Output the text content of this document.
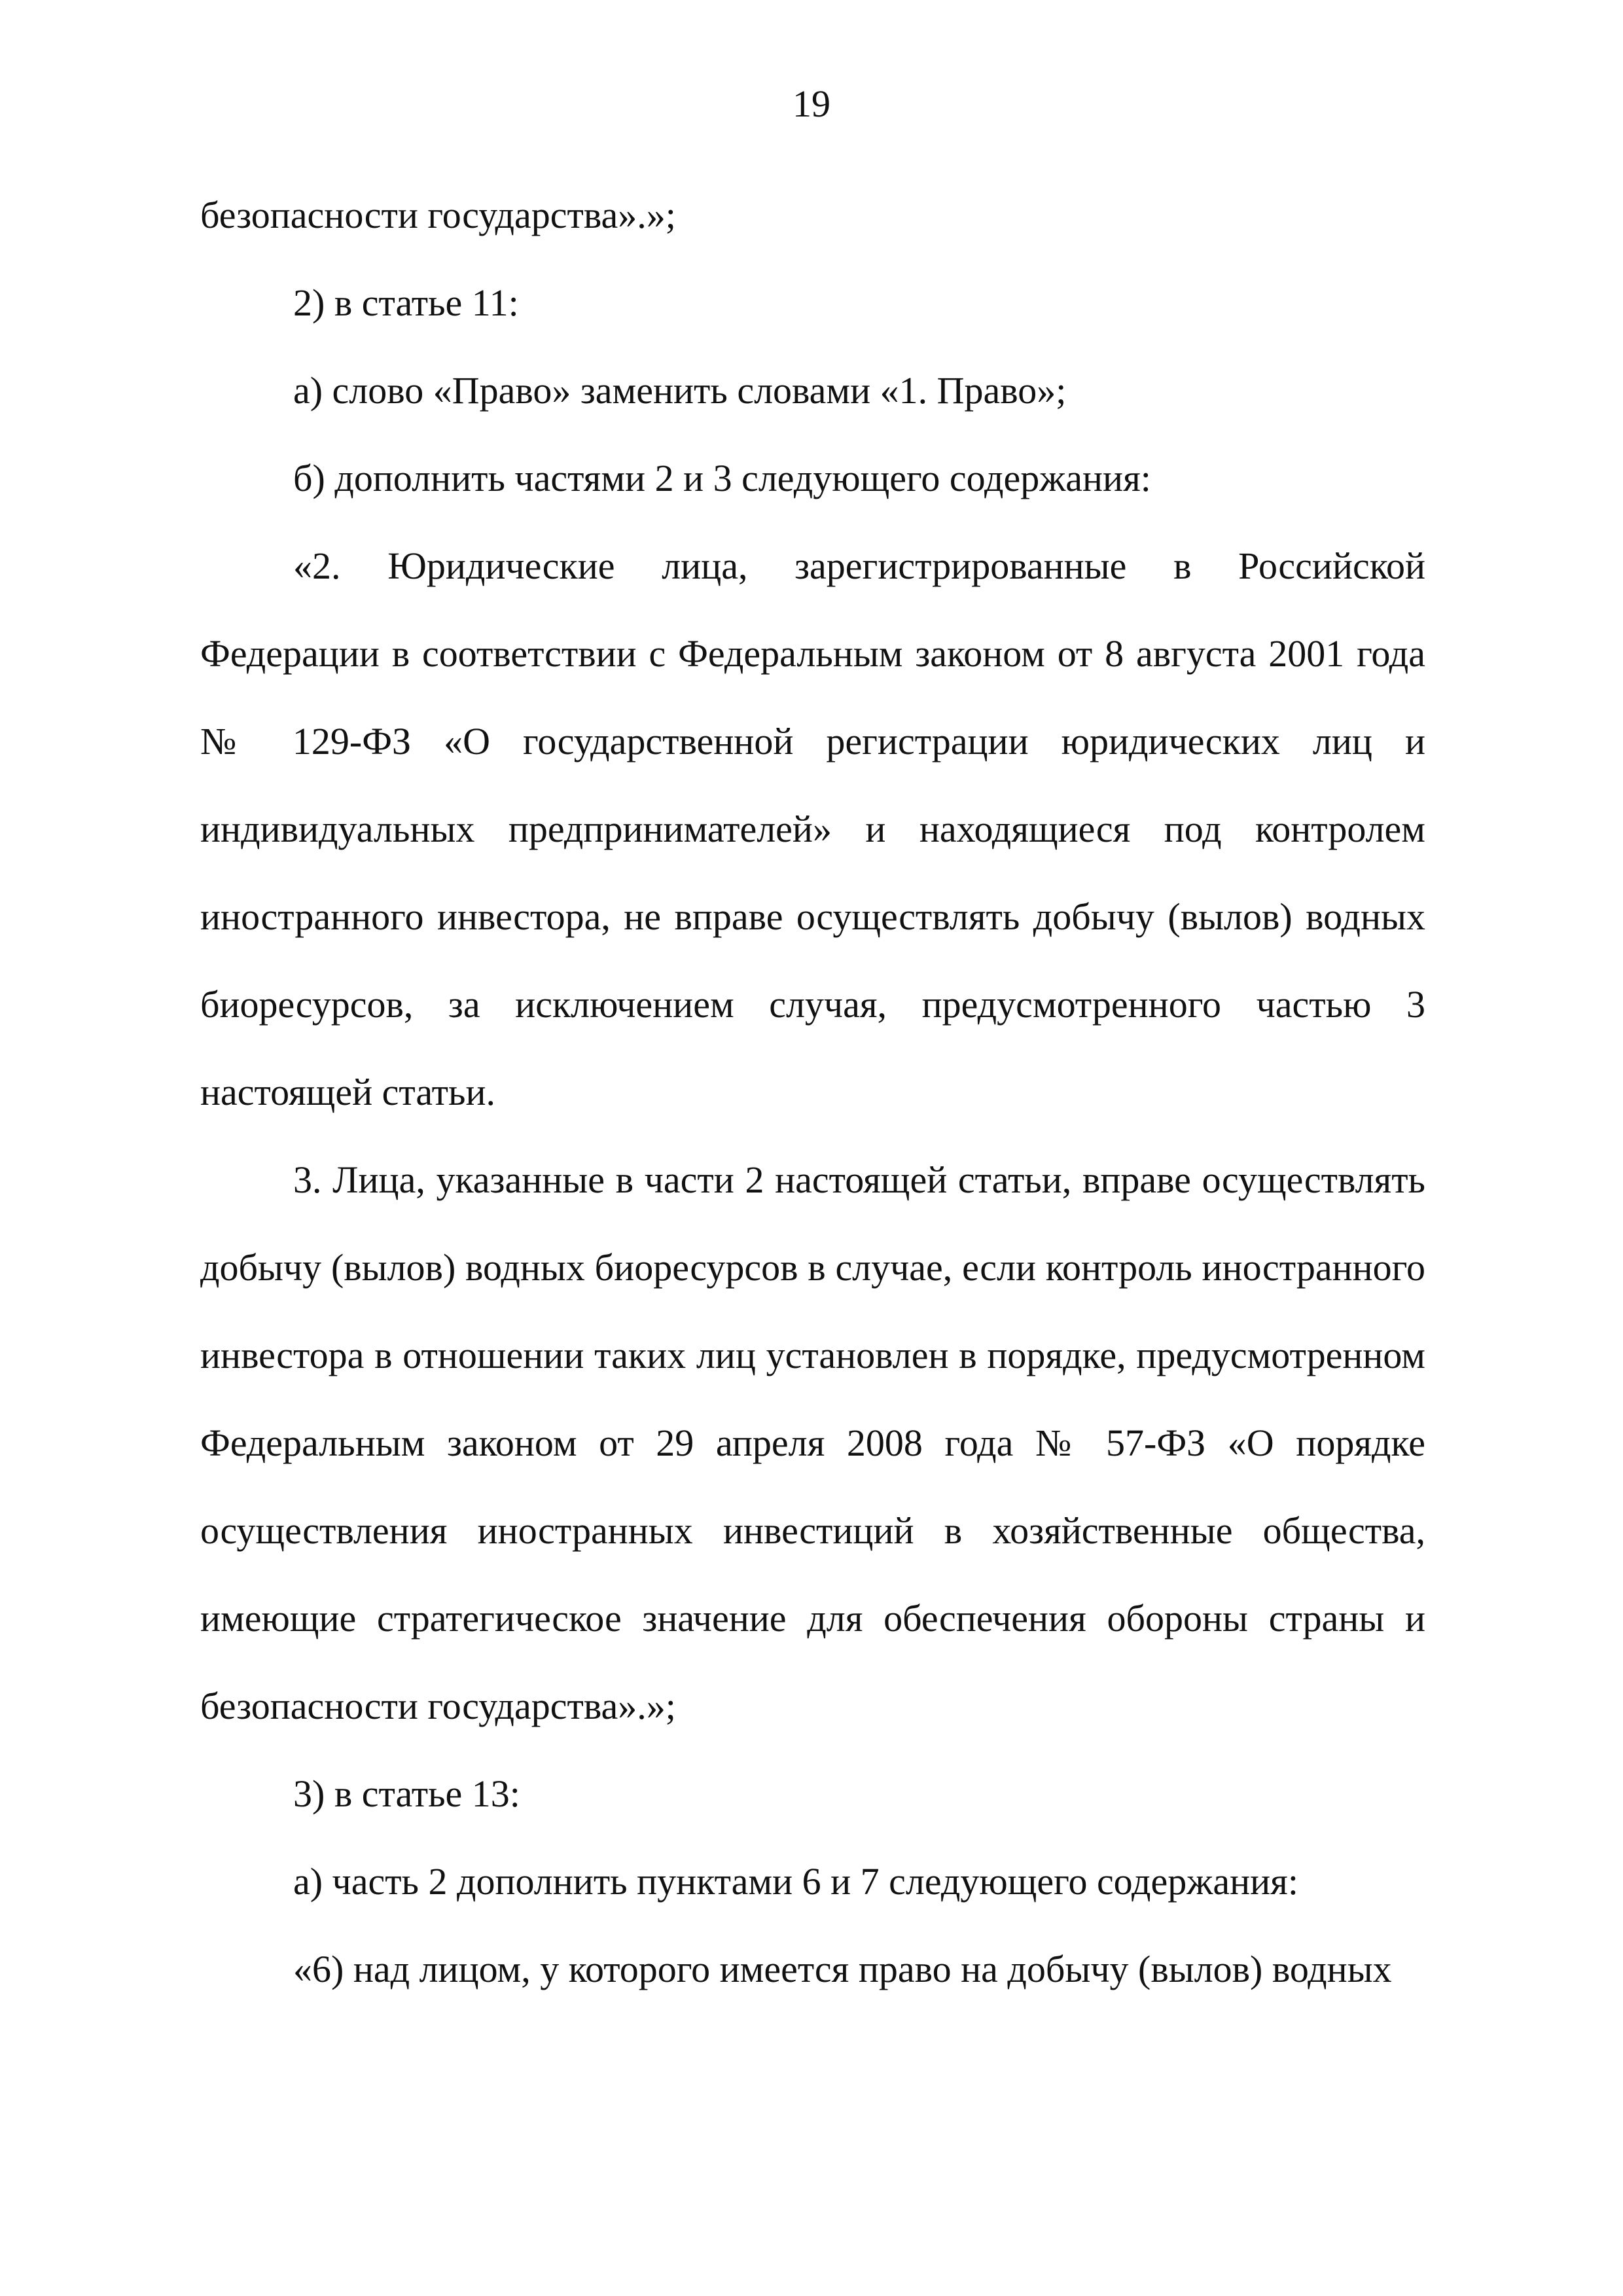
19

безопасности государства».»;

2) в статье 11:

а) слово «Право» заменить словами «1. Право»;

б) дополнить частями 2 и 3 следующего содержания:

«2. Юридические лица, зарегистрированные в Российской Федерации в соответствии с Федеральным законом от 8 августа 2001 года № 129-ФЗ «О государственной регистрации юридических лиц и индивидуальных предпринимателей» и находящиеся под контролем иностранного инвестора, не вправе осуществлять добычу (вылов) водных биоресурсов, за исключением случая, предусмотренного частью 3 настоящей статьи.

3. Лица, указанные в части 2 настоящей статьи, вправе осуществлять добычу (вылов) водных биоресурсов в случае, если контроль иностранного инвестора в отношении таких лиц установлен в порядке, предусмотренном Федеральным законом от 29 апреля 2008 года № 57-ФЗ «О порядке осуществления иностранных инвестиций в хозяйственные общества, имеющие стратегическое значение для обеспечения обороны страны и безопасности государства».»;

3) в статье 13:

а) часть 2 дополнить пунктами 6 и 7 следующего содержания:

«6) над лицом, у которого имеется право на добычу (вылов) водных
